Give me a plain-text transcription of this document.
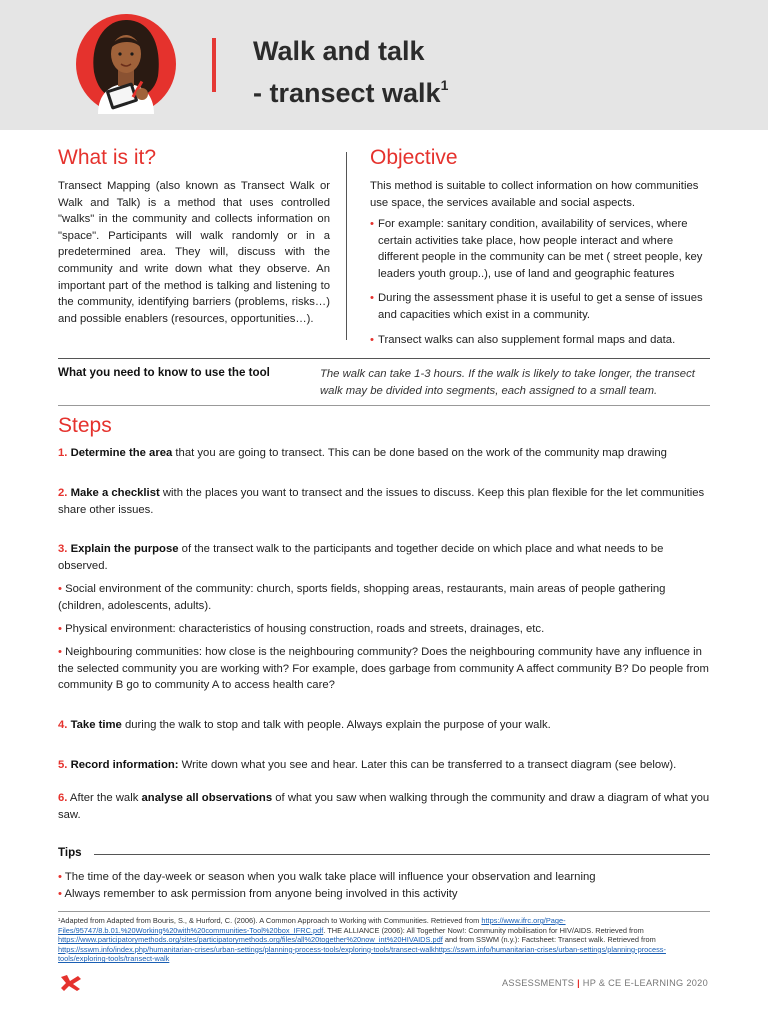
Walk and talk
- transect walk$^1$
What is it?

Transect Mapping (also known as Transect Walk or Walk and Talk) is a method that uses controlled "walks" in the community and collects information on "space". Participants will walk randomly or in a predetermined area. They will, discuss with the community and write down what they observe. An important part of the method is talking and listening to the community, identifying barriers (problems, risks…) and possible enablers (resources, opportunities…).

Objective

This method is suitable to collect information on how communities use space, the services available and social aspects.

• For example: sanitary condition, availability of services, where certain activities take place, how people interact and where different people in the community can be met ( street people, key leaders youth group..), use of land and geographic features
• During the assessment phase it is useful to get a sense of issues and capacities which exist in a community.
• Transect walks can also supplement formal maps and data.
What you need to know to use the tool	The walk can take 1-3 hours. If the walk is likely to take longer, the transect walk may be divided into segments, each assigned to a small team.
Steps

1. Determine the area that you are going to transect. This can be done based on the work of the community map drawing

2. Make a checklist with the places you want to transect and the issues to discuss. Keep this plan flexible for the let communities share other issues.

3. Explain the purpose of the transect walk to the participants and together decide on which place and what needs to be observed.

• Social environment of the community: church, sports fields, shopping areas, restaurants, main areas of people gathering (children, adolescents, adults).

• Physical environment: characteristics of housing construction, roads and streets, drainages, etc.

• Neighbouring communities: how close is the neighbouring community? Does the neighbouring community have any influence in the selected community you are working with? For example, does garbage from community A affect community B? Do people from community B go to community A to access health care?

4. Take time during the walk to stop and talk with people. Always explain the purpose of your walk.

5. Record information: Write down what you see and hear. Later this can be transferred to a transect diagram (see below).

6. After the walk analyse all observations of what you saw when walking through the community and draw a diagram of what you saw.

Tips
• The time of the day-week or season when you walk take place will influence your observation and learning
• Always remember to ask permission from anyone being involved in this activity
¹Adapted from Adapted from Bouris, S., & Hurford, C. (2006). A Common Approach to Working with Communities. Retrieved from https://www.ifrc.org/Page-Files/95747/8.b.01.%20Working%20with%20communities-Tool%20box_IFRC.pdf. THE ALLIANCE (2006): All Together Now!: Community mobilisation for HIV/AIDS. Retrieved from https://www.participatorymethods.org/sites/participatorymethods.org/files/all%20together%20now_int%20HIVAIDS.pdf and from SSWM (n.y.): Factsheet: Transect walk. Retrieved from https://sswm.info/index.php/humanitarian-crises/urban-settings/planning-process-tools/exploring-tools/transect-walkhttps://sswm.info/humanitarian-crises/urban-settings/planning-process-tools/exploring-tools/transect-walk
ASSESSMENTS | HP & CE E-LEARNING 2020
